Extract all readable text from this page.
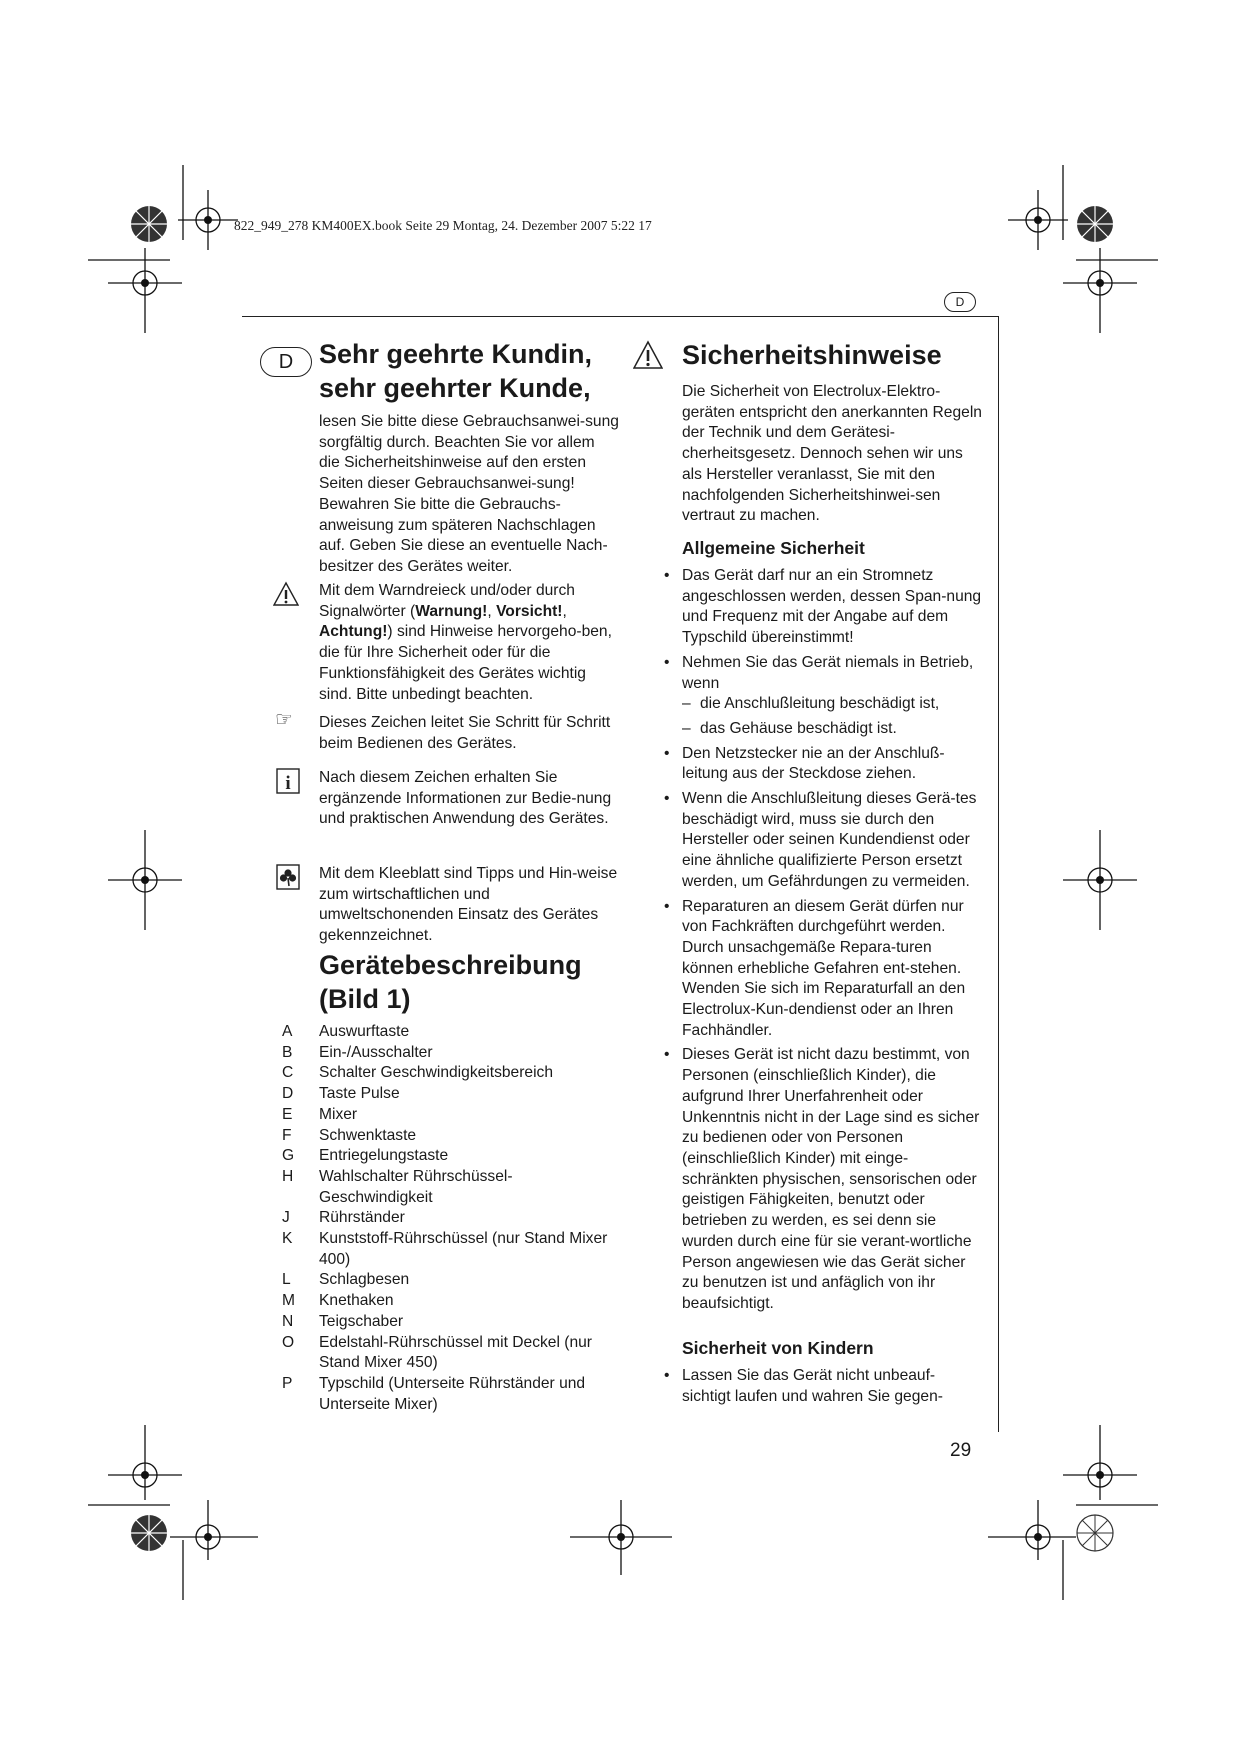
822_949_278 KM400EX.book Seite 29 Montag, 24. Dezember 2007 5:22 17
D
D Sehr geehrte Kundin,
sehr geehrter Kunde,

lesen Sie bitte diese Gebrauchsanwei-sung sorgfältig durch. Beachten Sie vor allem die Sicherheitshinweise auf den ersten Seiten dieser Gebrauchsanwei-sung! Bewahren Sie bitte die Gebrauchs-anweisung zum späteren Nachschlagen auf. Geben Sie diese an eventuelle Nach-besitzer des Gerätes weiter.

Mit dem Warndreieck und/oder durch Signalwörter (Warnung!, Vorsicht!, Achtung!) sind Hinweise hervorgeho-ben, die für Ihre Sicherheit oder für die Funktionsfähigkeit des Gerätes wichtig sind. Bitte unbedingt beachten.

☞ Dieses Zeichen leitet Sie Schritt für Schritt beim Bedienen des Gerätes.

i Nach diesem Zeichen erhalten Sie ergänzende Informationen zur Bedie-nung und praktischen Anwendung des Gerätes.

Mit dem Kleeblatt sind Tipps und Hin-weise zum wirtschaftlichen und umweltschonenden Einsatz des Gerätes gekennzeichnet.

Gerätebeschreibung
(Bild 1)
A	Auswurftaste
B	Ein-/Ausschalter
C	Schalter Geschwindigkeitsbereich
D	Taste Pulse
E	Mixer
F	Schwenktaste
G	Entriegelungstaste
H	Wahlschalter Rührschüssel-Geschwindigkeit
J	Rührständer
K	Kunststoff-Rührschüssel (nur Stand Mixer 400)
L	Schlagbesen
M	Knethaken
N	Teigschaber
O	Edelstahl-Rührschüssel mit Deckel (nur Stand Mixer 450)
P	Typschild (Unterseite Rührständer und Unterseite Mixer)
Sicherheitshinweise

Die Sicherheit von Electrolux-Elektro-geräten entspricht den anerkannten Regeln der Technik und dem Gerätesi-cherheitsgesetz. Dennoch sehen wir uns als Hersteller veranlasst, Sie mit den nachfolgenden Sicherheitshinwei-sen vertraut zu machen.

Allgemeine Sicherheit
• Das Gerät darf nur an ein Stromnetz angeschlossen werden, dessen Span-nung und Frequenz mit der Angabe auf dem Typschild übereinstimmt!
• Nehmen Sie das Gerät niemals in Betrieb, wenn
– die Anschlußleitung beschädigt ist,
– das Gehäuse beschädigt ist.
• Den Netzstecker nie an der Anschluß-leitung aus der Steckdose ziehen.
• Wenn die Anschlußleitung dieses Gerä-tes beschädigt wird, muss sie durch den Hersteller oder seinen Kundendienst oder eine ähnliche qualifizierte Person ersetzt werden, um Gefährdungen zu vermeiden.
• Reparaturen an diesem Gerät dürfen nur von Fachkräften durchgeführt werden. Durch unsachgemäße Repara-turen können erhebliche Gefahren ent-stehen. Wenden Sie sich im Reparaturfall an den Electrolux-Kun-dendienst oder an Ihren Fachhändler.
• Dieses Gerät ist nicht dazu bestimmt, von Personen (einschließlich Kinder), die aufgrund Ihrer Unerfahrenheit oder Unkenntnis nicht in der Lage sind es sicher zu bedienen oder von Personen (einschließlich Kinder) mit einge-schränkten physischen, sensorischen oder geistigen Fähigkeiten, benutzt oder betrieben zu werden, es sei denn sie wurden durch eine für sie verant-wortliche Person angewiesen wie das Gerät sicher zu benutzen ist und anfäglich von ihr beaufsichtigt.
Sicherheit von Kindern
• Lassen Sie das Gerät nicht unbeauf-sichtigt laufen und wahren Sie gegen-
29
